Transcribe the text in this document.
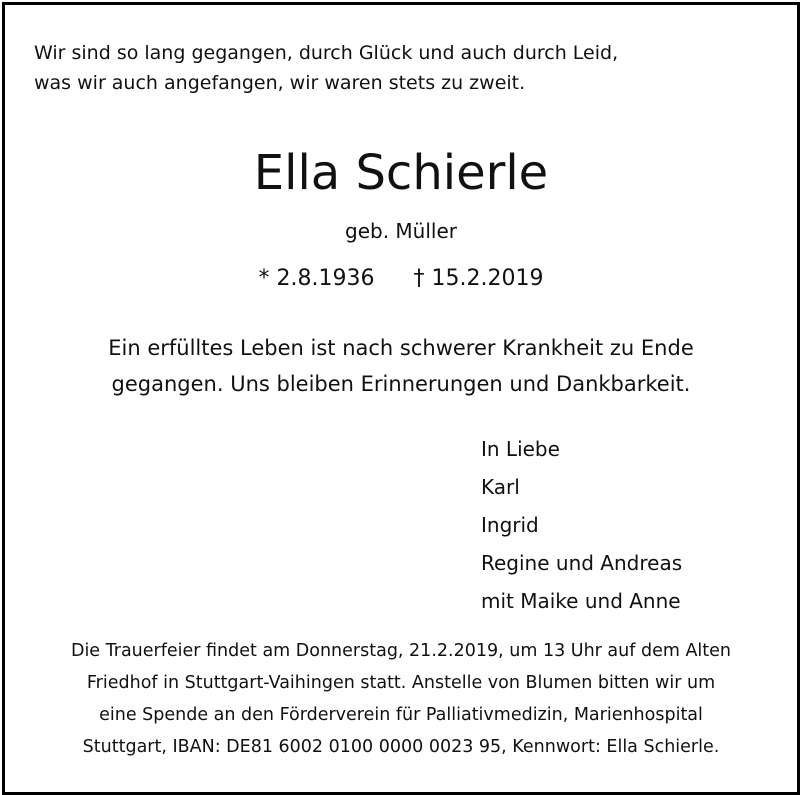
Wir sind so lang gegangen, durch Glück und auch durch Leid,
was wir auch angefangen, wir waren stets zu zweit.
Ella Schierle
geb. Müller
* 2.8.1936 † 15.2.2019
Ein erfülltes Leben ist nach schwerer Krankheit zu Ende
gegangen. Uns bleiben Erinnerungen und Dankbarkeit.
In Liebe
Karl
Ingrid
Regine und Andreas
mit Maike und Anne
Die Trauerfeier findet am Donnerstag, 21.2.2019, um 13 Uhr auf dem Alten
Friedhof in Stuttgart-Vaihingen statt. Anstelle von Blumen bitten wir um
eine Spende an den Förderverein für Palliativmedizin, Marienhospital
Stuttgart, IBAN: DE81 6002 0100 0000 0023 95, Kennwort: Ella Schierle.
